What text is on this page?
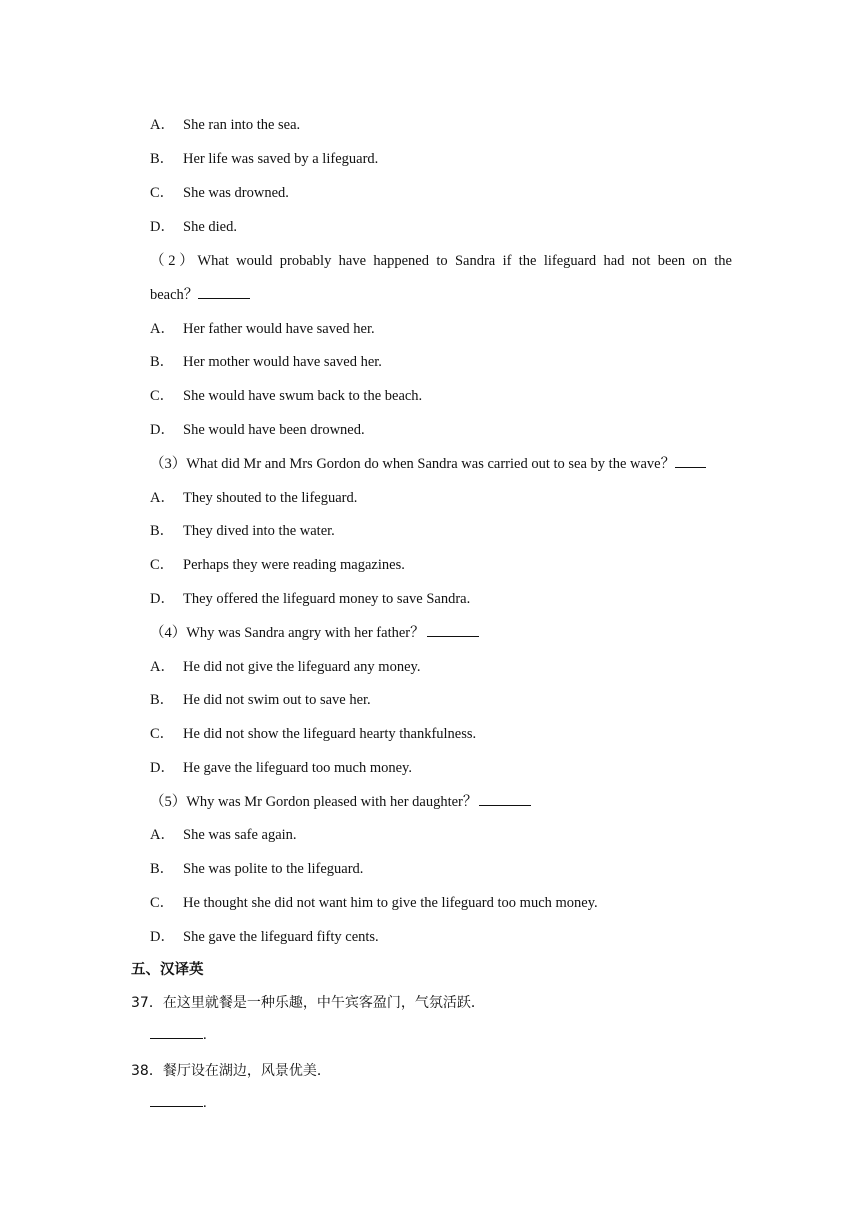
A． She ran into the sea.
B． Her life was saved by a lifeguard.
C． She was drowned.
D． She died.
（2）What would probably have happened to Sandra if the lifeguard had not been on the
beach？
A． Her father would have saved her.
B． Her mother would have saved her.
C． She would have swum back to the beach.
D． She would have been drowned.
（3）What did Mr and Mrs Gordon do when Sandra was carried out to sea by the wave？
A． They shouted to the lifeguard.
B． They dived into the water.
C． Perhaps they were reading magazines.
D． They offered the lifeguard money to save Sandra.
（4）Why was Sandra angry with her father？
A． He did not give the lifeguard any money.
B． He did not swim out to save her.
C． He did not show the lifeguard hearty thankfulness.
D． He gave the lifeguard too much money.
（5）Why was Mr Gordon pleased with her daughter？
A． She was safe again.
B． She was polite to the lifeguard.
C． He thought she did not want him to give the lifeguard too much money.
D． She gave the lifeguard fifty cents.
五、汉译英
37．在这里就餐是一种乐趣，中午宾客盈门，气氛活跃．
.
38．餐厅设在湖边，风景优美．
.
